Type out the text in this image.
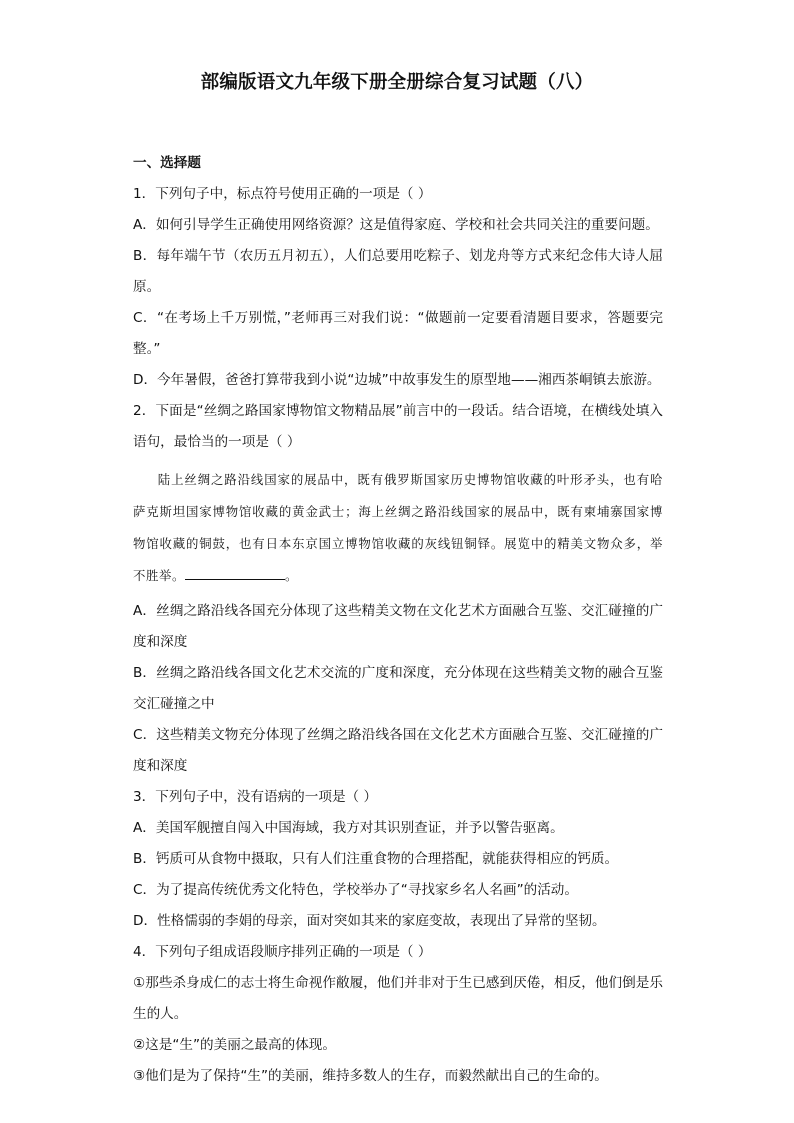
部编版语文九年级下册全册综合复习试题（八）

一、选择题

1．下列句子中，标点符号使用正确的一项是（ ）

A．如何引导学生正确使用网络资源？这是值得家庭、学校和社会共同关注的重要问题。

B．每年端午节（农历五月初五），人们总要用吃粽子、划龙舟等方式来纪念伟大诗人屈原。

C．“在考场上千万别慌，”老师再三对我们说：“做题前一定要看清题目要求，答题要完整。”

D．今年暑假，爸爸打算带我到小说“边城”中故事发生的原型地——湘西茶峒镇去旅游。

2．下面是“丝绸之路国家博物馆文物精品展”前言中的一段话。结合语境，在横线处填入语句，最恰当的一项是（ ）

陆上丝绸之路沿线国家的展品中，既有俄罗斯国家历史博物馆收藏的叶形矛头，也有哈萨克斯坦国家博物馆收藏的黄金武士；海上丝绸之路沿线国家的展品中，既有柬埔寨国家博物馆收藏的铜鼓，也有日本东京国立博物馆收藏的灰线钮铜铎。展览中的精美文物众多，举不胜举。	。

A．丝绸之路沿线各国充分体现了这些精美文物在文化艺术方面融合互鉴、交汇碰撞的广度和深度

B．丝绸之路沿线各国文化艺术交流的广度和深度，充分体现在这些精美文物的融合互鉴交汇碰撞之中

C．这些精美文物充分体现了丝绸之路沿线各国在文化艺术方面融合互鉴、交汇碰撞的广度和深度

3．下列句子中，没有语病的一项是（ ）

A．美国军舰擅自闯入中国海域，我方对其识别查证，并予以警告驱离。

B．钙质可从食物中摄取，只有人们注重食物的合理搭配，就能获得相应的钙质。

C．为了提高传统优秀文化特色，学校举办了“寻找家乡名人名画”的活动。

D．性格懦弱的李娟的母亲，面对突如其来的家庭变故，表现出了异常的坚韧。

4．下列句子组成语段顺序排列正确的一项是（ ）

①那些杀身成仁的志士将生命视作敝履，他们并非对于生已感到厌倦，相反，他们倒是乐生的人。

②这是“生”的美丽之最高的体现。

③他们是为了保持“生”的美丽，维持多数人的生存，而毅然献出自己的生命的。
